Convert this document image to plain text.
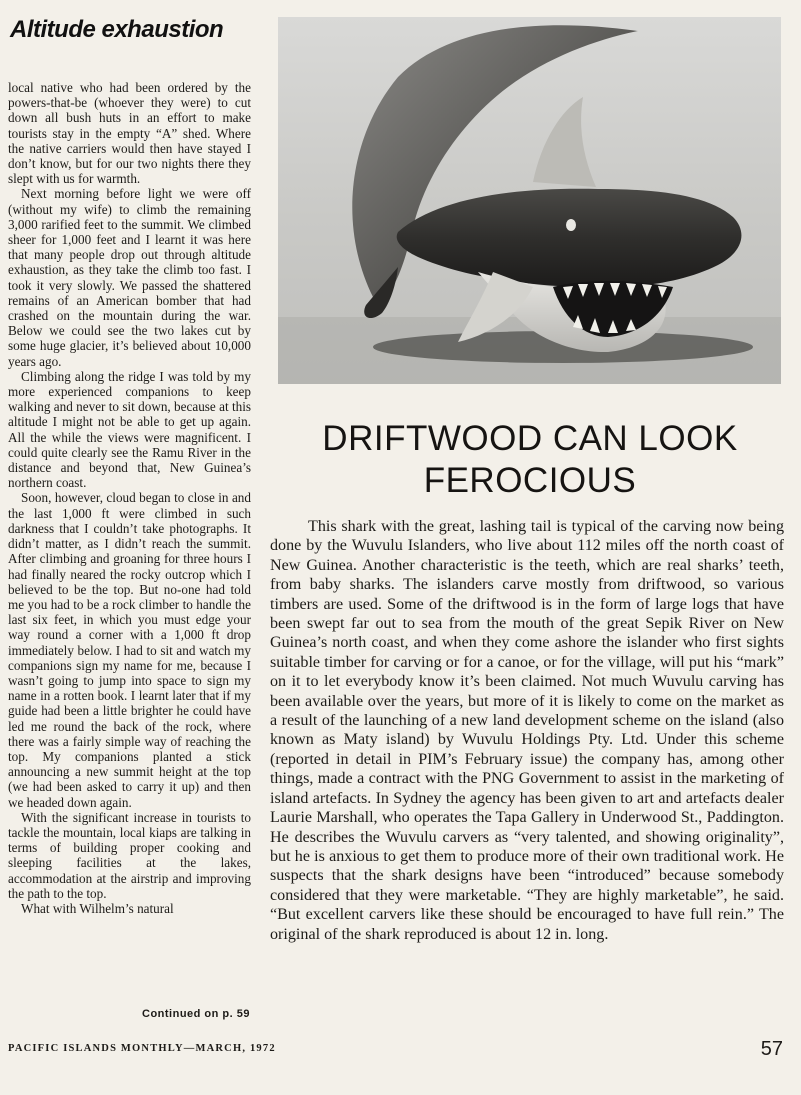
Altitude exhaustion

local native who had been ordered by the powers-that-be (whoever they were) to cut down all bush huts in an effort to make tourists stay in the empty “A” shed. Where the native carriers would then have stayed I don’t know, but for our two nights there they slept with us for warmth.

Next morning before light we were off (without my wife) to climb the remaining 3,000 rarified feet to the summit. We climbed sheer for 1,000 feet and I learnt it was here that many people drop out through altitude exhaustion, as they take the climb too fast. I took it very slowly. We passed the shattered remains of an American bomber that had crashed on the mountain during the war. Below we could see the two lakes cut by some huge glacier, it’s believed about 10,000 years ago.

Climbing along the ridge I was told by my more experienced companions to keep walking and never to sit down, because at this altitude I might not be able to get up again. All the while the views were magnificent. I could quite clearly see the Ramu River in the distance and beyond that, New Guinea’s northern coast.

Soon, however, cloud began to close in and the last 1,000 ft were climbed in such darkness that I couldn’t take photographs. It didn’t matter, as I didn’t reach the summit. After climbing and groaning for three hours I had finally neared the rocky outcrop which I believed to be the top. But no-one had told me you had to be a rock climber to handle the last six feet, in which you must edge your way round a corner with a 1,000 ft drop immediately below. I had to sit and watch my companions sign my name for me, because I wasn’t going to jump into space to sign my name in a rotten book. I learnt later that if my guide had been a little brighter he could have led me round the back of the rock, where there was a fairly simple way of reaching the top. My companions planted a stick announcing a new summit height at the top (we had been asked to carry it up) and then we headed down again.

With the significant increase in tourists to tackle the mountain, local kiaps are talking in terms of building proper cooking and sleeping facilities at the lakes, accommodation at the airstrip and improving the path to the top.

What with Wilhelm’s natural

Continued on p. 59
DRIFTWOOD CAN LOOK
FEROCIOUS

This shark with the great, lashing tail is typical of the carving now being done by the Wuvulu Islanders, who live about 112 miles off the north coast of New Guinea. Another characteristic is the teeth, which are real sharks’ teeth, from baby sharks. The islanders carve mostly from driftwood, so various timbers are used. Some of the driftwood is in the form of large logs that have been swept far out to sea from the mouth of the great Sepik River on New Guinea’s north coast, and when they come ashore the islander who first sights suitable timber for carving or for a canoe, or for the village, will put his “mark” on it to let everybody know it’s been claimed. Not much Wuvulu carving has been available over the years, but more of it is likely to come on the market as a result of the launching of a new land development scheme on the island (also known as Maty island) by Wuvulu Holdings Pty. Ltd. Under this scheme (reported in detail in PIM’s February issue) the company has, among other things, made a contract with the PNG Government to assist in the marketing of island artefacts. In Sydney the agency has been given to art and artefacts dealer Laurie Marshall, who operates the Tapa Gallery in Underwood St., Paddington. He describes the Wuvulu carvers as “very talented, and showing originality”, but he is anxious to get them to produce more of their own traditional work. He suspects that the shark designs have been “introduced” because somebody considered that they were marketable. “They are highly marketable”, he said. “But excellent carvers like these should be encouraged to have full rein.” The original of the shark reproduced is about 12 in. long.

PACIFIC ISLANDS MONTHLY—MARCH, 1972	57
